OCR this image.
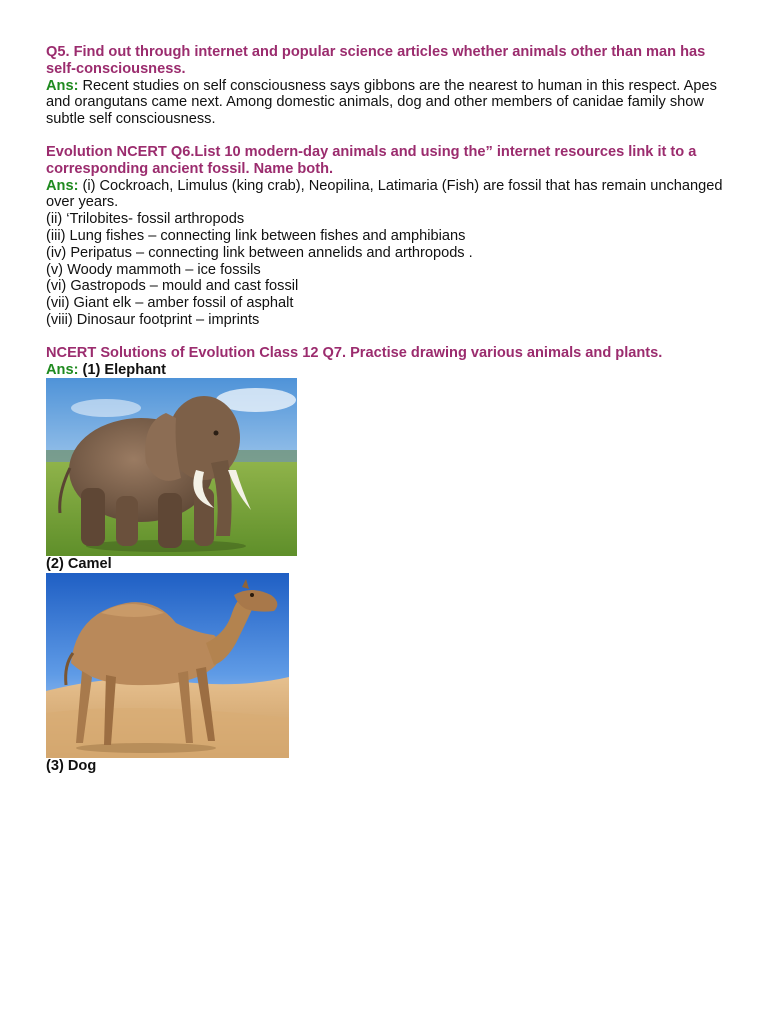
Q5. Find out through internet and popular science articles whether animals other than man has self-consciousness.

Ans: Recent studies on self consciousness says gibbons are the nearest to human in this respect. Apes and orangutans came next. Among domestic animals, dog and other members of canidae family show subtle self consciousness.

Evolution NCERT Q6.List 10 modern-day animals and using the” internet resources link it to a corresponding ancient fossil. Name both.

Ans: (i) Cockroach, Limulus (king crab), Neopilina, Latimaria (Fish) are fossil that has remain unchanged over years.

(ii) ‘Trilobites- fossil arthropods

(iii) Lung fishes – connecting link between fishes and amphibians

(iv) Peripatus – connecting link between annelids and arthropods .

(v) Woody mammoth – ice fossils

(vi) Gastropods – mould and cast fossil

(vii) Giant elk – amber fossil of asphalt

(viii) Dinosaur footprint – imprints

NCERT Solutions of Evolution Class 12 Q7. Practise drawing various animals and plants.

Ans: (1) Elephant

(2) Camel

(3) Dog
